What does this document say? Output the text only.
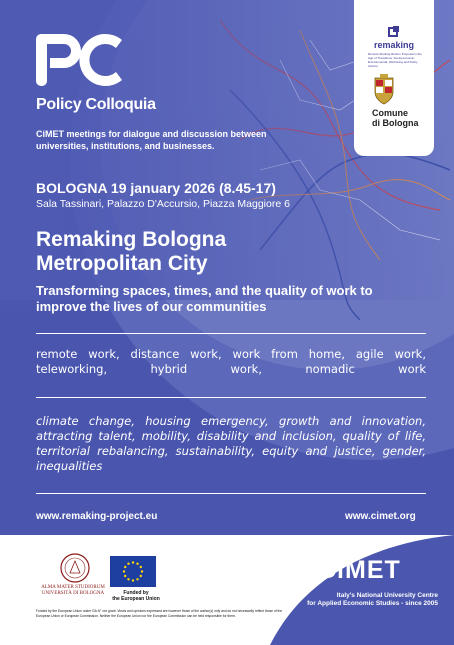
Policy Colloquia
CiMET meetings for dialogue and discussion between universities, institutions, and businesses.
remaking
Remote Working Reform Proposal in the Age of Transitions: Socioeconomic, Environmental, Well-being and Policy Actions
Comune
di Bologna
BOLOGNA 19 january 2026 (8.45-17)
Sala Tassinari, Palazzo D'Accursio, Piazza Maggiore 6
Remaking Bologna
Metropolitan City
Transforming spaces, times, and the quality of work to improve the lives of our communities
remote work, distance work, work from home, agile work, teleworking, hybrid work, nomadic work
climate change, housing emergency, growth and innovation, attracting talent, mobility, disability and inclusion, quality of life, territorial rebalancing, sustainability, equity and justice, gender, inequalities
www.remaking-project.eu	www.cimet.org
ALMA MATER STUDIORUM UNIVERSITÀ DI BOLOGNA	Funded by
the European Union
Funded by the European Union under GA N° xxx grant. Views and opinions expressed are however those of the author(s) only and do not necessarily reflect those of the European Union or European Commission. Neither the European Union nor the European Commission can be held responsible for them.
CiMET
Italy's National University Centre
for Applied Economic Studies - since 2005
